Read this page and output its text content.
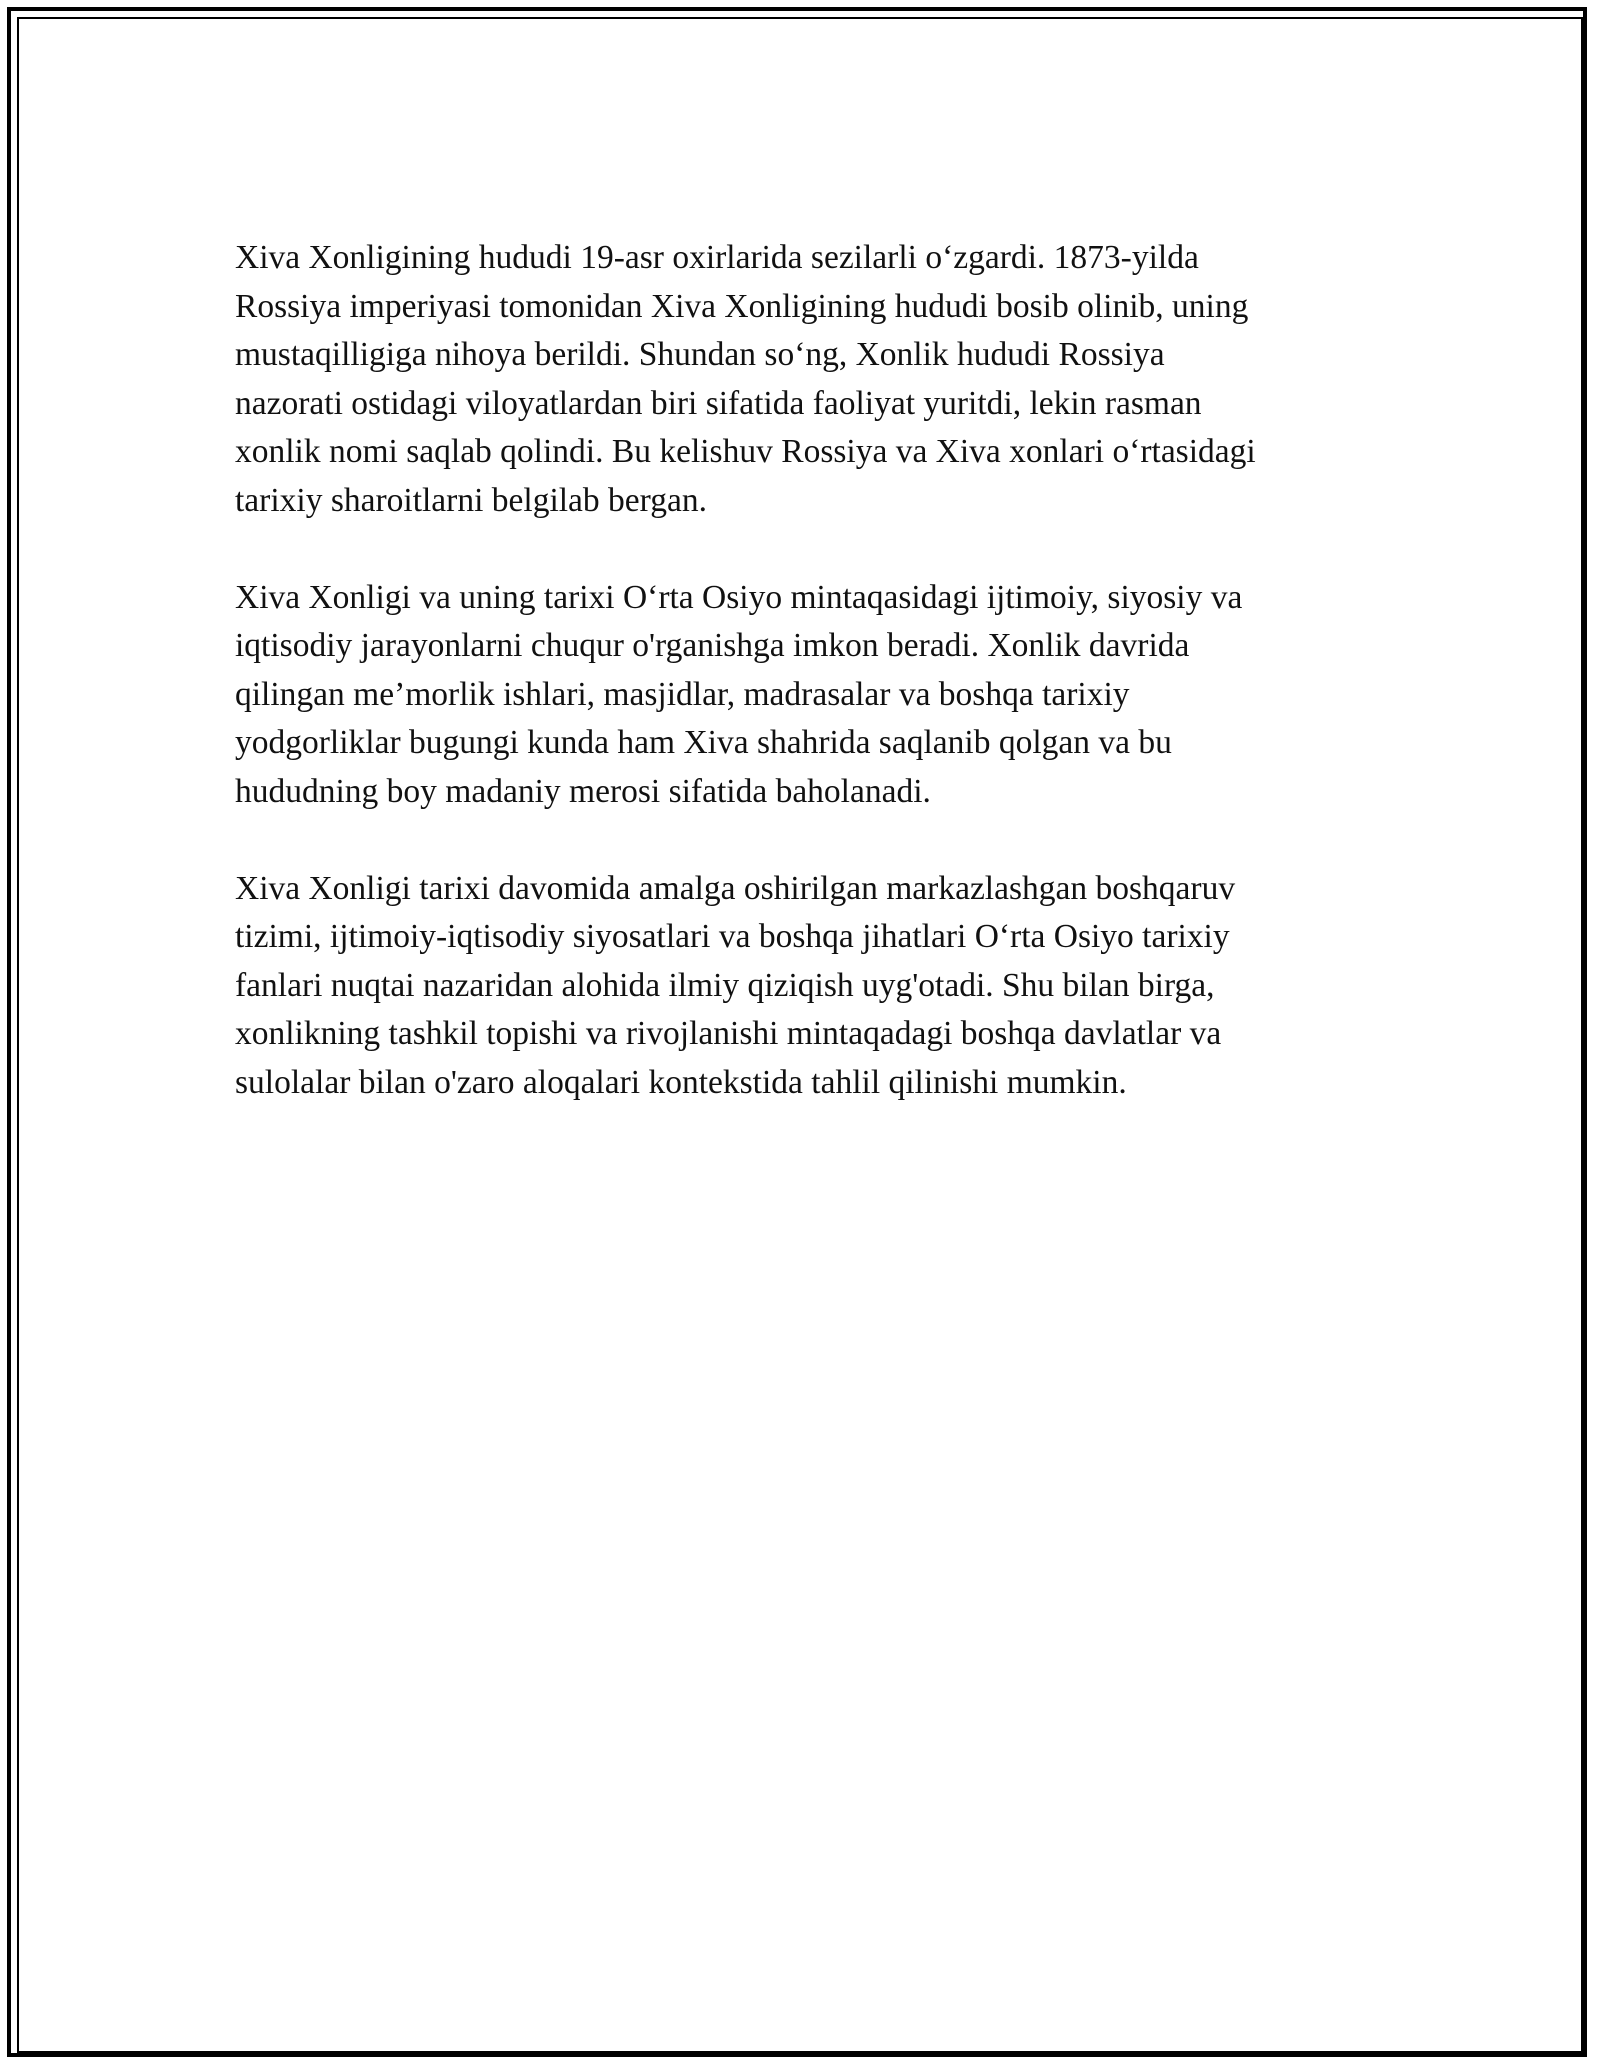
Xiva Xonligining hududi 19-asr oxirlarida sezilarli o‘zgardi. 1873-yilda
Rossiya imperiyasi tomonidan Xiva Xonligining hududi bosib olinib, uning
mustaqilligiga nihoya berildi. Shundan so‘ng, Xonlik hududi Rossiya
nazorati ostidagi viloyatlardan biri sifatida faoliyat yuritdi, lekin rasman
xonlik nomi saqlab qolindi. Bu kelishuv Rossiya va Xiva xonlari o‘rtasidagi
tarixiy sharoitlarni belgilab bergan.

Xiva Xonligi va uning tarixi O‘rta Osiyo mintaqasidagi ijtimoiy, siyosiy va
iqtisodiy jarayonlarni chuqur o'rganishga imkon beradi. Xonlik davrida
qilingan me’morlik ishlari, masjidlar, madrasalar va boshqa tarixiy
yodgorliklar bugungi kunda ham Xiva shahrida saqlanib qolgan va bu
hududning boy madaniy merosi sifatida baholanadi.

Xiva Xonligi tarixi davomida amalga oshirilgan markazlashgan boshqaruv
tizimi, ijtimoiy-iqtisodiy siyosatlari va boshqa jihatlari O‘rta Osiyo tarixiy
fanlari nuqtai nazaridan alohida ilmiy qiziqish uyg'otadi. Shu bilan birga,
xonlikning tashkil topishi va rivojlanishi mintaqadagi boshqa davlatlar va
sulolalar bilan o'zaro aloqalari kontekstida tahlil qilinishi mumkin.
